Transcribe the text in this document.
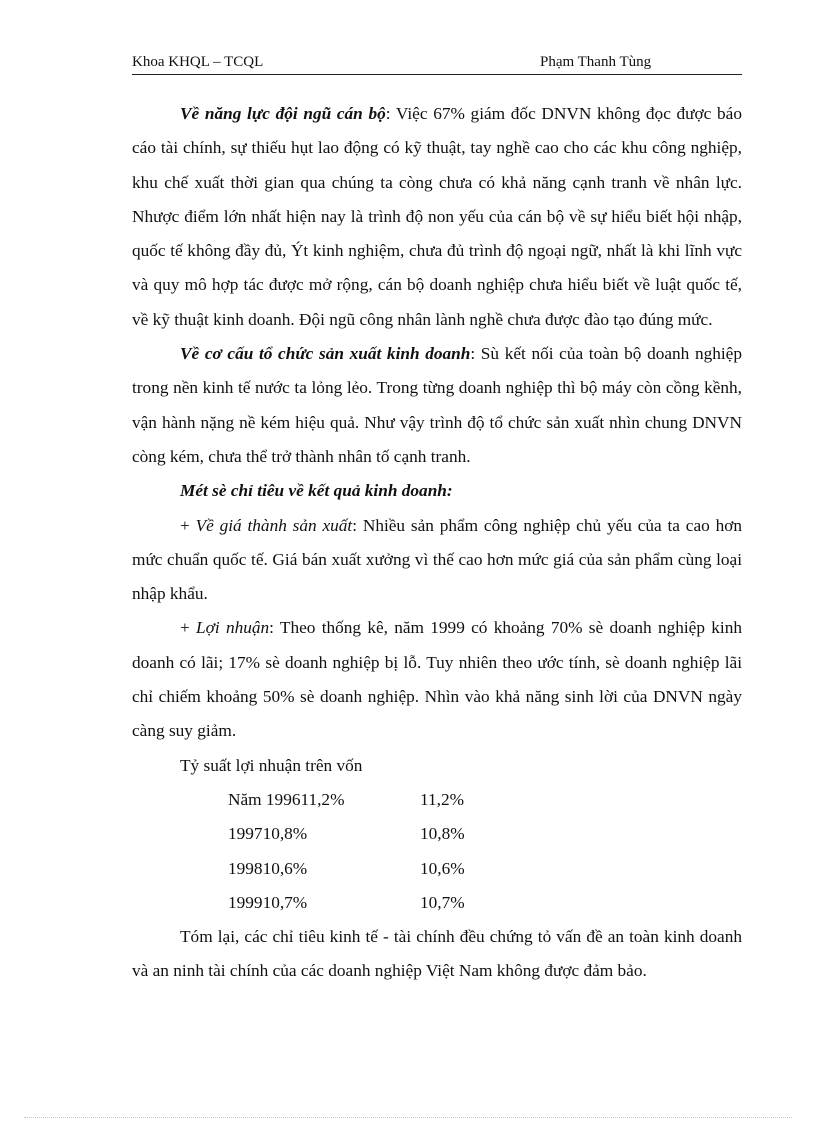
Khoa KHQL – TCQL	Phạm Thanh Tùng

Về năng lực đội ngũ cán bộ: Việc 67% giám đốc DNVN không đọc được báo cáo tài chính, sự thiếu hụt lao động có kỹ thuật, tay nghề cao cho các khu công nghiệp, khu chế xuất thời gian qua chúng ta còng chưa có khả năng cạnh tranh về nhân lực. Nhược điểm lớn nhất hiện nay là trình độ non yếu của cán bộ về sự hiểu biết hội nhập, quốc tế không đầy đủ, Ýt kinh nghiệm, chưa đủ trình độ ngoại ngữ, nhất là khi lĩnh vực và quy mô hợp tác được mở rộng, cán bộ doanh nghiệp chưa hiểu biết về luật quốc tế, về kỹ thuật kinh doanh. Đội ngũ công nhân lành nghề chưa được đào tạo đúng mức.

Về cơ cấu tổ chức sản xuất kinh doanh: Sù kết nối của toàn bộ doanh nghiệp trong nền kinh tế nước ta lỏng lẻo. Trong từng doanh nghiệp thì bộ máy còn cồng kềnh, vận hành nặng nề kém hiệu quả. Như vậy trình độ tổ chức sản xuất nhìn chung DNVN còng kém, chưa thể trở thành nhân tố cạnh tranh.

Mét sè chỉ tiêu về kết quả kinh doanh:

+ Về giá thành sản xuất: Nhiều sản phẩm công nghiệp chủ yếu của ta cao hơn mức chuẩn quốc tế. Giá bán xuất xưởng vì thế cao hơn mức giá của sản phẩm cùng loại nhập khẩu.

+ Lợi nhuận: Theo thống kê, năm 1999 có khoảng 70% sè doanh nghiệp kinh doanh có lãi; 17% sè doanh nghiệp bị lỗ. Tuy nhiên theo ước tính, sè doanh nghiệp lãi chỉ chiếm khoảng 50% sè doanh nghiệp. Nhìn vào khả năng sinh lời của DNVN ngày càng suy giảm.

Tỷ suất lợi nhuận trên vốn

Năm 199611,2%	11,2%
199710,8%	10,8%
199810,6%	10,6%
199910,7%	10,7%

Tóm lại, các chỉ tiêu kinh tế - tài chính đều chứng tỏ vấn đề an toàn kinh doanh và an ninh tài chính của các doanh nghiệp Việt Nam không được đảm bảo.
